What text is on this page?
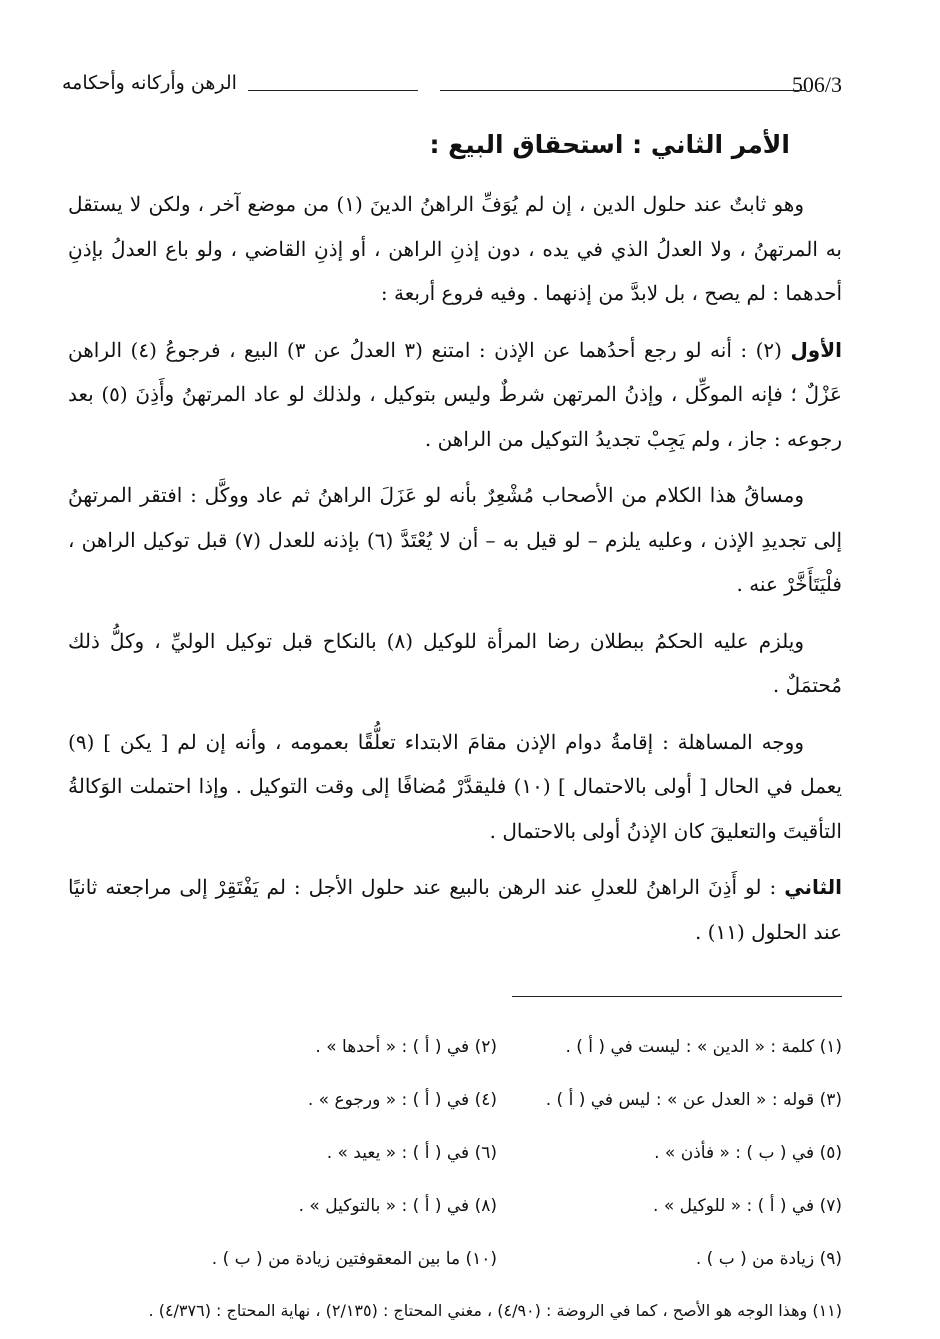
506/3
الرهن وأركانه وأحكامه
الأمر الثاني : استحقاق البيع :

وهو ثابتٌ عند حلول الدين ، إن لم يُوَفِّ الراهنُ الدينَ (١) من موضع آخر ، ولكن لا يستقل به المرتهنُ ، ولا العدلُ الذي في يده ، دون إذنِ الراهن ، أو إذنِ القاضي ، ولو باع العدلُ بإذنِ أحدهما : لم يصح ، بل لابدَّ من إذنهما . وفيه فروع أربعة :

الأول (٢) : أنه لو رجع أحدُهما عن الإذن : امتنع (٣ العدلُ عن ٣) البيع ، فرجوعُ (٤) الراهن عَزْلٌ ؛ فإنه الموكِّل ، وإذنُ المرتهن شرطٌ وليس بتوكيل ، ولذلك لو عاد المرتهنُ وأَذِنَ (٥) بعد رجوعه : جاز ، ولم يَجِبْ تجديدُ التوكيل من الراهن .

ومساقُ هذا الكلام من الأصحاب مُشْعِرٌ بأنه لو عَزَلَ الراهنُ ثم عاد ووكَّل : افتقر المرتهنُ إلى تجديدِ الإذن ، وعليه يلزم – لو قيل به – أن لا يُعْتَدَّ (٦) بإذنه للعدل (٧) قبل توكيل الراهن ، فلْيَتَأَخَّرْ عنه .

ويلزم عليه الحكمُ ببطلان رضا المرأة للوكيل (٨) بالنكاح قبل توكيل الوليِّ ، وكلُّ ذلك مُحتمَلٌ .

ووجه المساهلة : إقامةُ دوام الإذن مقامَ الابتداء تعلُّقًا بعمومه ، وأنه إن لم [ يكن ] (٩) يعمل في الحال [ أولى بالاحتمال ] (١٠) فليقدَّرْ مُضافًا إلى وقت التوكيل . وإذا احتملت الوَكالةُ التأقيتَ والتعليقَ كان الإذنُ أولى بالاحتمال .

الثاني : لو أَذِنَ الراهنُ للعدلِ عند الرهن بالبيع عند حلول الأجل : لم يَفْتَقِرْ إلى مراجعته ثانيًا عند الحلول (١١) .

(١) كلمة : « الدين » : ليست في ( أ ) .
(٢) في ( أ ) : « أحدها » .
(٣) قوله : « العدل عن » : ليس في ( أ ) .
(٤) في ( أ ) : « ورجوع » .
(٥) في ( ب ) : « فأذن » .
(٦) في ( أ ) : « يعيد » .
(٧) في ( أ ) : « للوكيل » .
(٨) في ( أ ) : « بالتوكيل » .
(٩) زيادة من ( ب ) .
(١٠) ما بين المعقوفتين زيادة من ( ب ) .
(١١) وهذا الوجه هو الأصح ، كما في الروضة : (٤/٩٠) ، مغني المحتاج : (٢/١٣٥) ، نهاية المحتاج : (٤/٣٧٦) .
